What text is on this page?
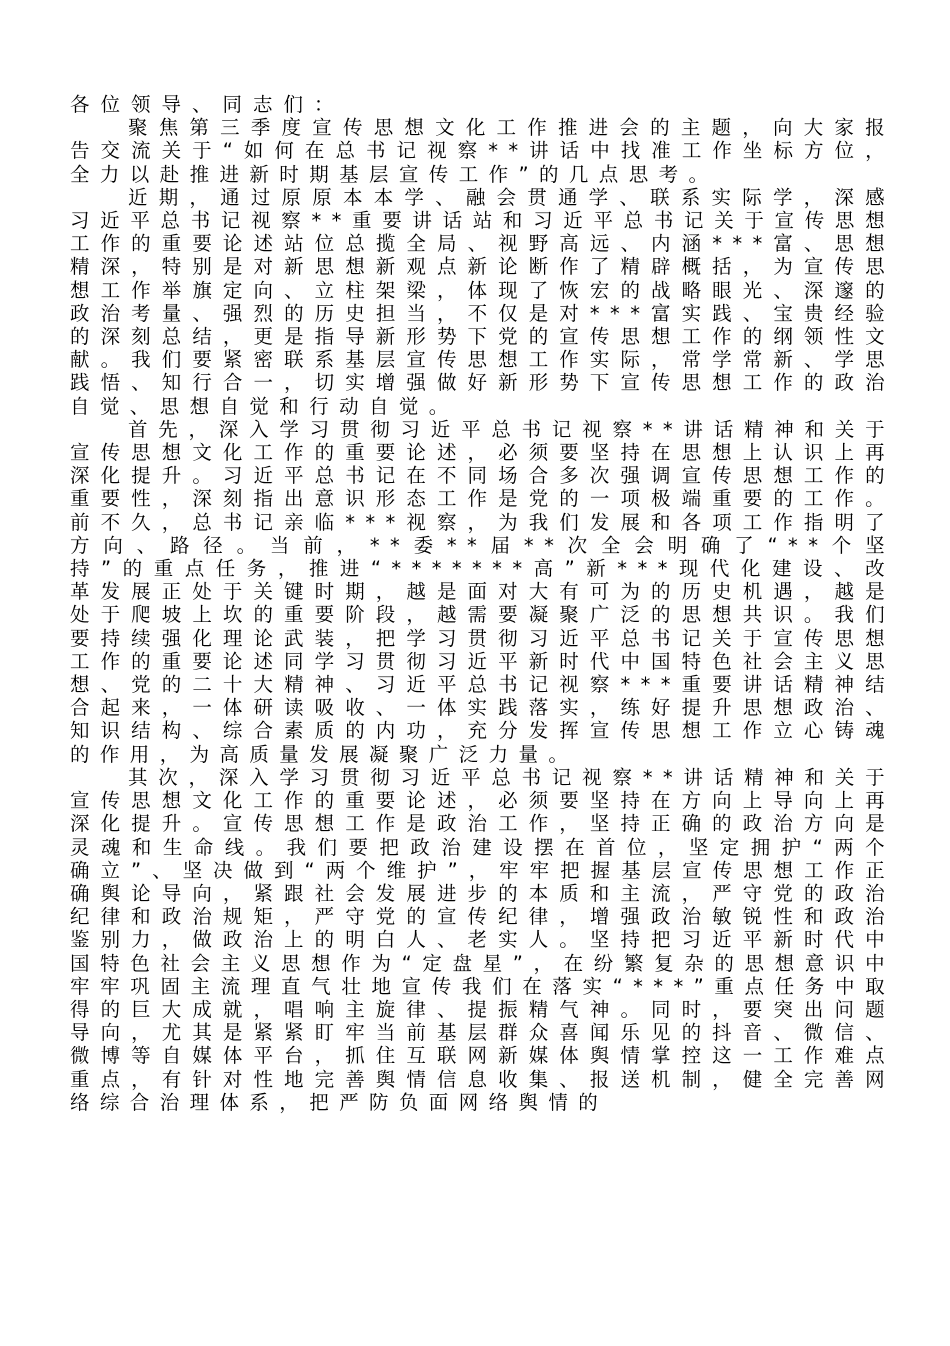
各位领导、同志们：

聚焦第三季度宣传思想文化工作推进会的主题，向大家报告交流关于“如何在总书记视察**讲话中找准工作坐标方位，全力以赴推进新时期基层宣传工作”的几点思考。

近期，通过原原本本学、融会贯通学、联系实际学，深感习近平总书记视察**重要讲话站和习近平总书记关于宣传思想工作的重要论述站位总揽全局、视野高远、内涵***富、思想精深，特别是对新思想新观点新论断作了精辟概括，为宣传思想工作举旗定向、立柱架梁，体现了恢宏的战略眼光、深邃的政治考量、强烈的历史担当，不仅是对***富实践、宝贵经验的深刻总结，更是指导新形势下党的宣传思想工作的纲领性文献。我们要紧密联系基层宣传思想工作实际，常学常新、学思践悟、知行合一，切实增强做好新形势下宣传思想工作的政治自觉、思想自觉和行动自觉。

首先，深入学习贯彻习近平总书记视察**讲话精神和关于宣传思想文化工作的重要论述，必须要坚持在思想上认识上再深化提升。习近平总书记在不同场合多次强调宣传思想工作的重要性，深刻指出意识形态工作是党的一项极端重要的工作。前不久，总书记亲临***视察，为我们发展和各项工作指明了方向、路径。当前，**委**届**次全会明确了“**个坚持”的重点任务，推进“*******高”新***现代化建设、改革发展正处于关键时期，越是面对大有可为的历史机遇，越是处于爬坡上坎的重要阶段，越需要凝聚广泛的思想共识。我们要持续强化理论武装，把学习贯彻习近平总书记关于宣传思想工作的重要论述同学习贯彻习近平新时代中国特色社会主义思想、党的二十大精神、习近平总书记视察***重要讲话精神结合起来，一体研读吸收、一体实践落实，练好提升思想政治、知识结构、综合素质的内功，充分发挥宣传思想工作立心铸魂的作用，为高质量发展凝聚广泛力量。

其次，深入学习贯彻习近平总书记视察**讲话精神和关于宣传思想文化工作的重要论述，必须要坚持在方向上导向上再深化提升。宣传思想工作是政治工作，坚持正确的政治方向是灵魂和生命线。我们要把政治建设摆在首位，坚定拥护“两个确立”、坚决做到“两个维护”，牢牢把握基层宣传思想工作正确舆论导向，紧跟社会发展进步的本质和主流，严守党的政治纪律和政治规矩，严守党的宣传纪律，增强政治敏锐性和政治鉴别力，做政治上的明白人、老实人。坚持把习近平新时代中国特色社会主义思想作为“定盘星”，在纷繁复杂的思想意识中牢牢巩固主流理直气壮地宣传我们在落实“***”重点任务中取得的巨大成就，唱响主旋律、提振精气神。同时，要突出问题导向，尤其是紧紧盯牢当前基层群众喜闻乐见的抖音、微信、微博等自媒体平台，抓住互联网新媒体舆情掌控这一工作难点重点，有针对性地完善舆情信息收集、报送机制，健全完善网络综合治理体系，把严防负面网络舆情的
